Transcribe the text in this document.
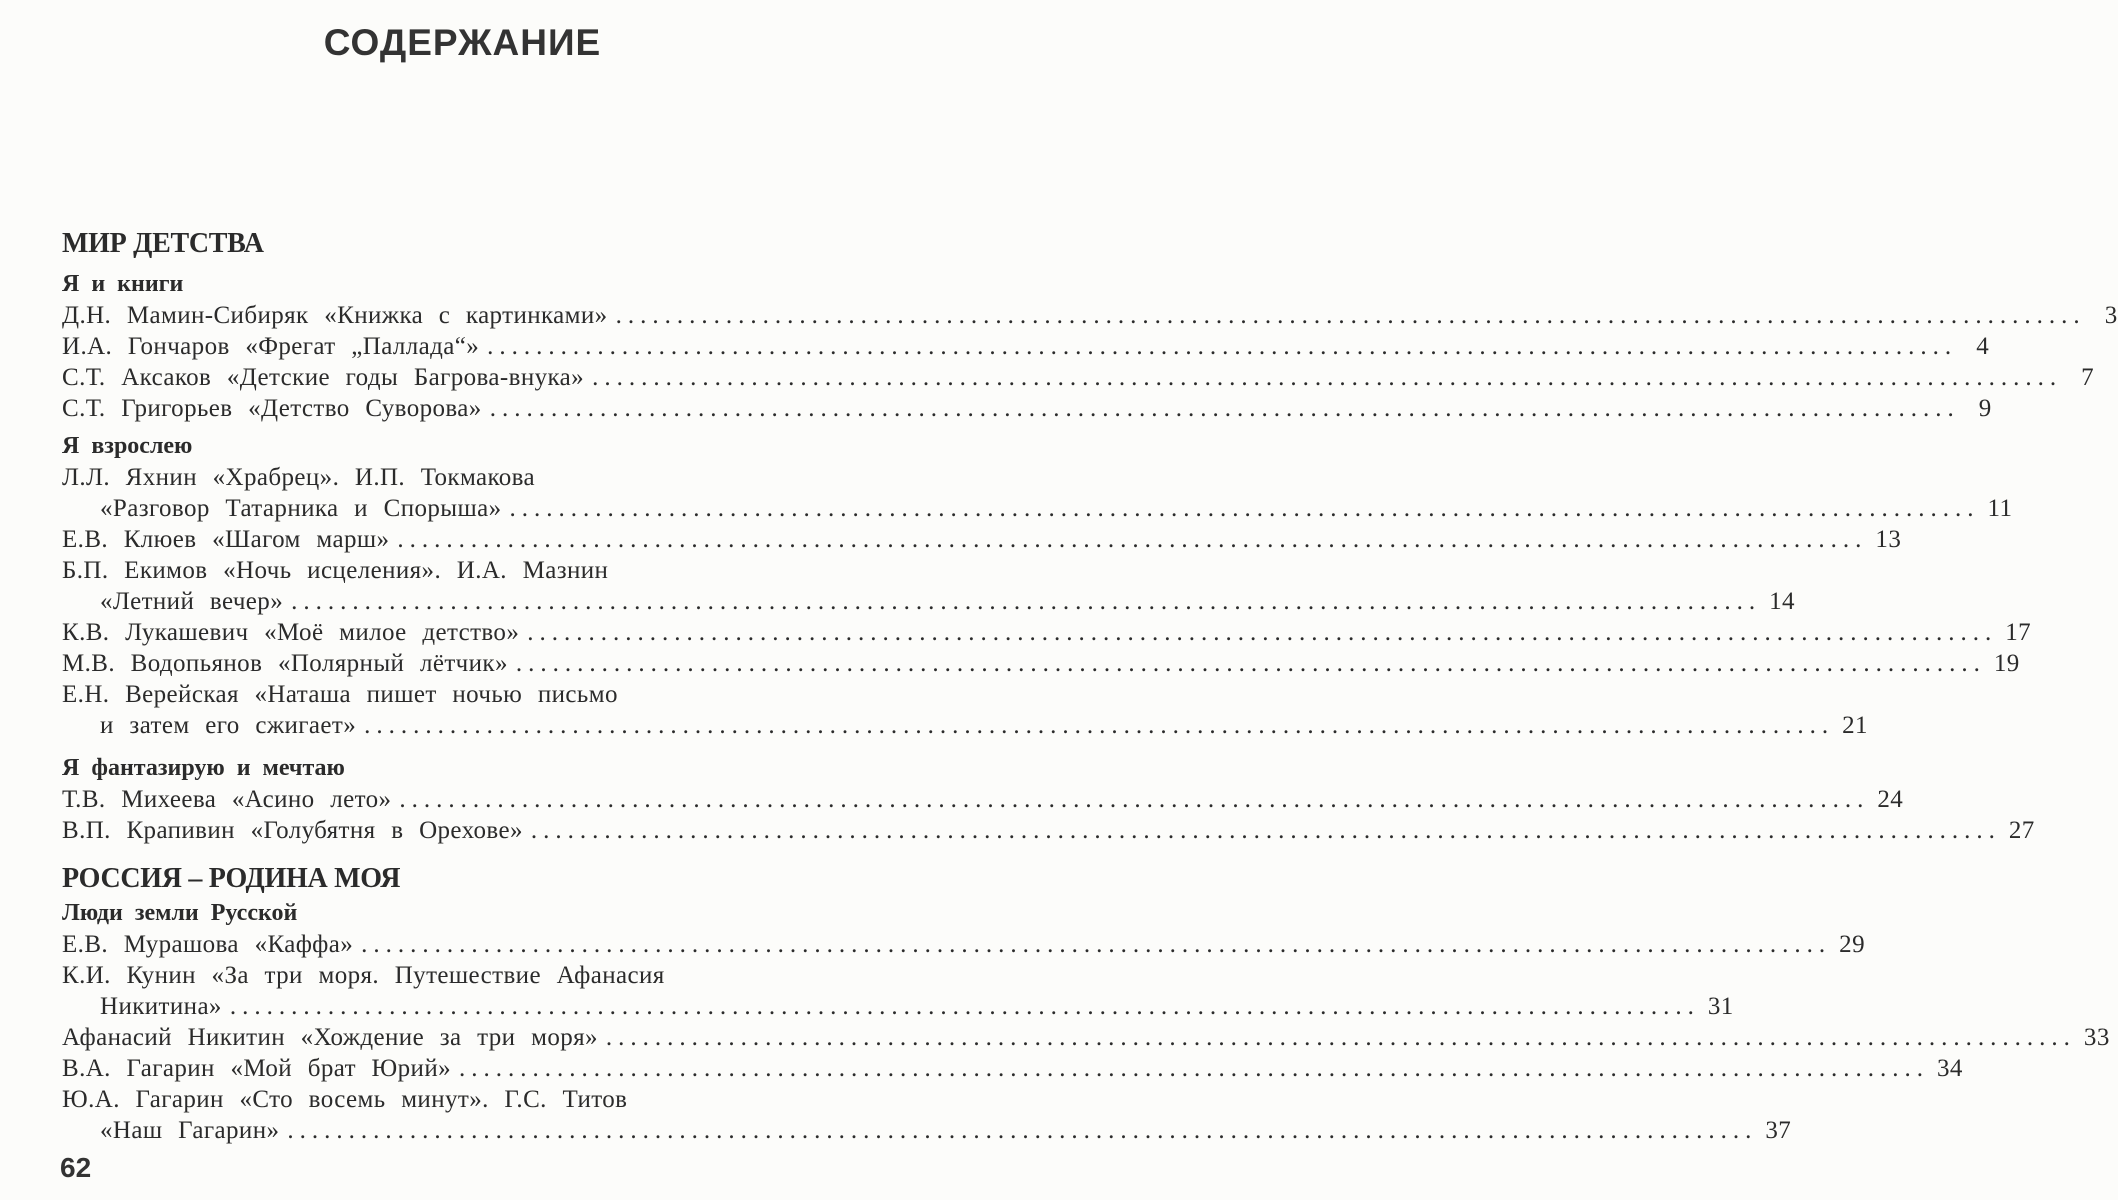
СОДЕРЖАНИЕ
МИР ДЕТСТВА
Я и книги
Д.Н. Мамин-Сибиряк «Книжка с картинками» ........................................................................................................................ 3
И.А. Гончаров «Фрегат „Паллада“» ........................................................................................................................ 4
С.Т. Аксаков «Детские годы Багрова-внука» ........................................................................................................................ 7
С.Т. Григорьев «Детство Суворова» ........................................................................................................................ 9
Я взрослею
Л.Л. Яхнин «Храбрец». И.П. Токмакова
«Разговор Татарника и Спорыша» ........................................................................................................................ 11
Е.В. Клюев «Шагом марш» ........................................................................................................................ 13
Б.П. Екимов «Ночь исцеления». И.А. Мазнин
«Летний вечер» ........................................................................................................................ 14
К.В. Лукашевич «Моё милое детство» ........................................................................................................................ 17
М.В. Водопьянов «Полярный лётчик» ........................................................................................................................ 19
Е.Н. Верейская «Наташа пишет ночью письмо
и затем его сжигает» ........................................................................................................................ 21
Я фантазирую и мечтаю
Т.В. Михеева «Асино лето» ........................................................................................................................ 24
В.П. Крапивин «Голубятня в Орехове» ........................................................................................................................ 27
РОССИЯ – РОДИНА МОЯ
Люди земли Русской
Е.В. Мурашова «Каффа» ........................................................................................................................ 29
К.И. Кунин «За три моря. Путешествие Афанасия
Никитина» ........................................................................................................................ 31
Афанасий Никитин «Хождение за три моря» ........................................................................................................................ 33
В.А. Гагарин «Мой брат Юрий» ........................................................................................................................ 34
Ю.А. Гагарин «Сто восемь минут». Г.С. Титов
«Наш Гагарин» ........................................................................................................................ 37
62
